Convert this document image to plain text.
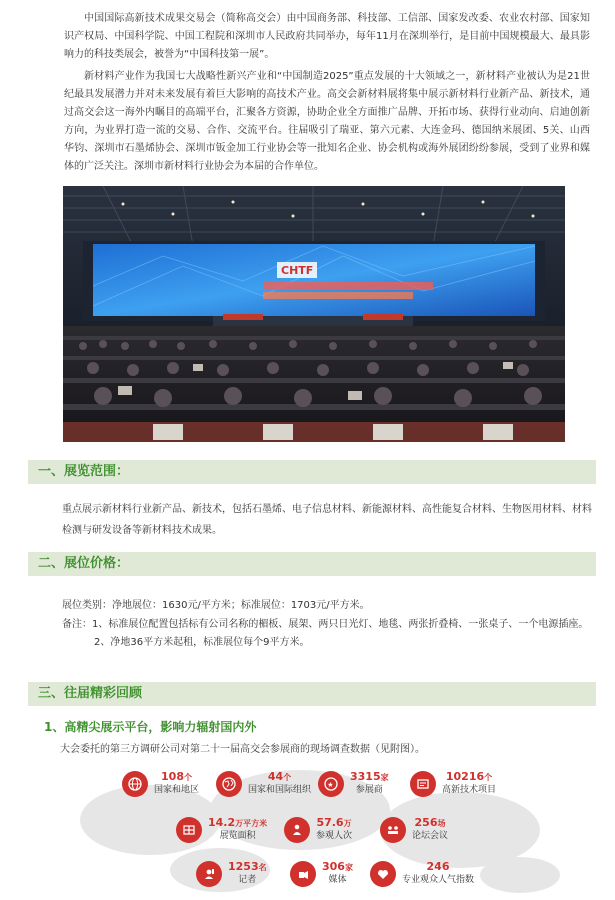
中国国际高新技术成果交易会（简称高交会）由中国商务部、科技部、工信部、国家发改委、农业农村部、国家知识产权局、中国科学院、中国工程院和深圳市人民政府共同举办，每年11月在深圳举行，是目前中国规模最大、最具影响力的科技类展会，被誉为“中国科技第一展”。
新材料产业作为我国七大战略性新兴产业和“中国制造2025”重点发展的十大领域之一，新材料产业被认为是21世纪最具发展潜力并对未来发展有着巨大影响的高技术产业。高交会新材料展将集中展示新材料行业新产品、新技术，通过高交会这一海外内瞩目的高端平台，汇聚各方资源，协助企业全方面推广品牌、开拓市场、获得行业动向、启迪创新方向，为业界打造一流的交易、合作、交流平台。往届吸引了瑞亚、第六元素、大连金玛、德国纳米展团、5关、山西华钧、深圳市石墨烯协会、深圳市钣金加工行业协会等一批知名企业、协会机构或海外展团纷纷参展，受到了业界和媒体的广泛关注。深圳市新材料行业协会为本届的合作单位。
CHTF
一、展览范围：
重点展示新材料行业新产品、新技术，包括石墨烯、电子信息材料、新能源材料、高性能复合材料、生物医用材料、材料检测与研发设备等新材料技术成果。
二、展位价格：
展位类别：净地展位：1630元/平方米；标准展位：1703元/平方米。
备注：1、标准展位配置包括标有公司名称的楣板、展架、两只日光灯、地毯、两张折叠椅、一张桌子、一个电源插座。
2、净地36平方米起租，标准展位每个9平方米。
三、往届精彩回顾
1、高精尖展示平台，影响力辐射国内外
大会委托的第三方调研公司对第二十一届高交会参展商的现场调查数据（见附图）。
108个
国家和地区
44个
国家和国际组织
★
3315家
参展商
10216个
高新技术项目
14.2万平方米
展览面积
57.6万
参观人次
256场
论坛会议
1253名
记者
306家
媒体
246
专业观众人气指数
